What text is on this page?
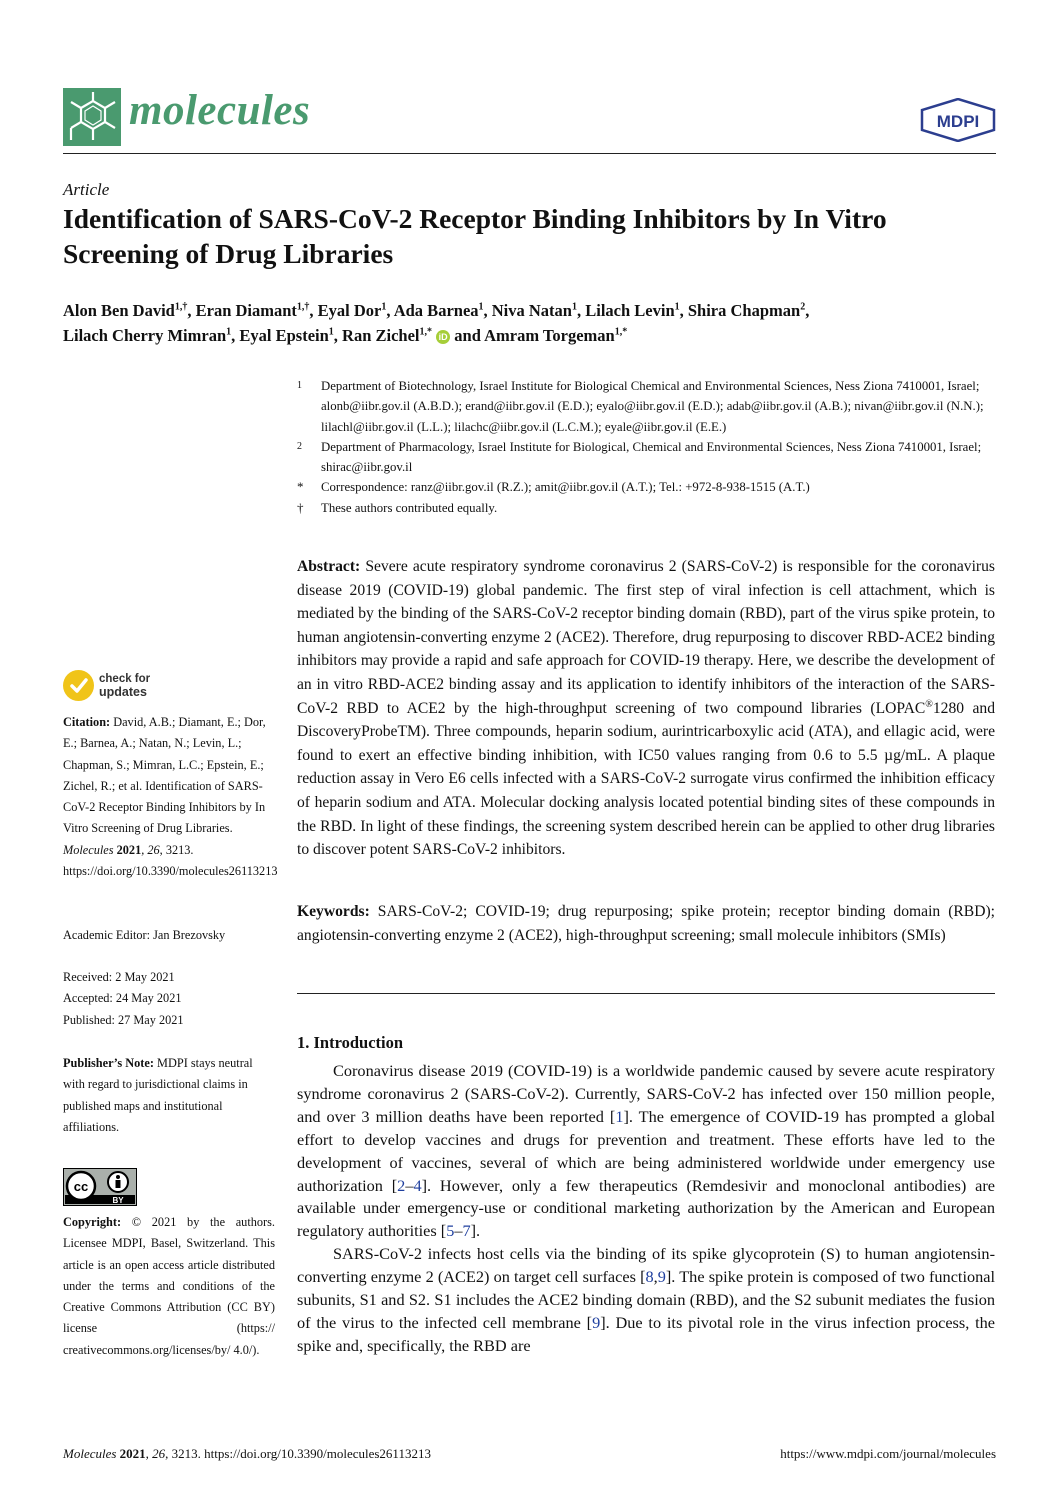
molecules	MDPI
Article
Identification of SARS-CoV-2 Receptor Binding Inhibitors by In Vitro Screening of Drug Libraries
Alon Ben David$^{1,\dagger}$, Eran Diamant$^{1,\dagger}$, Eyal Dor$^1$, Ada Barnea$^1$, Niva Natan$^1$, Lilach Levin$^1$, Shira Chapman$^2$,
Lilach Cherry Mimran$^1$, Eyal Epstein$^1$, Ran Zichel$^{1,*}$ iD and Amram Torgeman$^{1,*}$
1	Department of Biotechnology, Israel Institute for Biological Chemical and Environmental Sciences, Ness Ziona 7410001, Israel; alonb@iibr.gov.il (A.B.D.); erand@iibr.gov.il (E.D.); eyalo@iibr.gov.il (E.D.); adab@iibr.gov.il (A.B.); nivan@iibr.gov.il (N.N.); lilachl@iibr.gov.il (L.L.); lilachc@iibr.gov.il (L.C.M.); eyale@iibr.gov.il (E.E.)
2	Department of Pharmacology, Israel Institute for Biological, Chemical and Environmental Sciences, Ness Ziona 7410001, Israel; shirac@iibr.gov.il
*	Correspondence: ranz@iibr.gov.il (R.Z.); amit@iibr.gov.il (A.T.); Tel.: +972-8-938-1515 (A.T.)
†	These authors contributed equally.
Abstract: Severe acute respiratory syndrome coronavirus 2 (SARS-CoV-2) is responsible for the coronavirus disease 2019 (COVID-19) global pandemic. The first step of viral infection is cell attachment, which is mediated by the binding of the SARS-CoV-2 receptor binding domain (RBD), part of the virus spike protein, to human angiotensin-converting enzyme 2 (ACE2). Therefore, drug repurposing to discover RBD-ACE2 binding inhibitors may provide a rapid and safe approach for COVID-19 therapy. Here, we describe the development of an in vitro RBD-ACE2 binding assay and its application to identify inhibitors of the interaction of the SARS-CoV-2 RBD to ACE2 by the high-throughput screening of two compound libraries (LOPAC®1280 and DiscoveryProbeTM). Three compounds, heparin sodium, aurintricarboxylic acid (ATA), and ellagic acid, were found to exert an effective binding inhibition, with IC50 values ranging from 0.6 to 5.5 µg/mL. A plaque reduction assay in Vero E6 cells infected with a SARS-CoV-2 surrogate virus confirmed the inhibition efficacy of heparin sodium and ATA. Molecular docking analysis located potential binding sites of these compounds in the RBD. In light of these findings, the screening system described herein can be applied to other drug libraries to discover potent SARS-CoV-2 inhibitors.
Keywords: SARS-CoV-2; COVID-19; drug repurposing; spike protein; receptor binding domain (RBD); angiotensin-converting enzyme 2 (ACE2), high-throughput screening; small molecule inhibitors (SMIs)
1. Introduction

Coronavirus disease 2019 (COVID-19) is a worldwide pandemic caused by severe acute respiratory syndrome coronavirus 2 (SARS-CoV-2). Currently, SARS-CoV-2 has infected over 150 million people, and over 3 million deaths have been reported [1]. The emergence of COVID-19 has prompted a global effort to develop vaccines and drugs for prevention and treatment. These efforts have led to the development of vaccines, several of which are being administered worldwide under emergency use authorization [2–4]. However, only a few therapeutics (Remdesivir and monoclonal antibodies) are available under emergency-use or conditional marketing authorization by the American and European regulatory authorities [5–7].

SARS-CoV-2 infects host cells via the binding of its spike glycoprotein (S) to human angiotensin-converting enzyme 2 (ACE2) on target cell surfaces [8,9]. The spike protein is composed of two functional subunits, S1 and S2. S1 includes the ACE2 binding domain (RBD), and the S2 subunit mediates the fusion of the virus to the infected cell membrane [9]. Due to its pivotal role in the virus infection process, the spike and, specifically, the RBD are

check for
updates
Citation: David, A.B.; Diamant, E.; Dor, E.; Barnea, A.; Natan, N.; Levin, L.; Chapman, S.; Mimran, L.C.; Epstein, E.; Zichel, R.; et al. Identification of SARS-CoV-2 Receptor Binding Inhibitors by In Vitro Screening of Drug Libraries. Molecules 2021, 26, 3213. https://doi.org/10.3390/molecules26113213
Academic Editor: Jan Brezovsky
Received: 2 May 2021
Accepted: 24 May 2021
Published: 27 May 2021
Publisher’s Note: MDPI stays neutral with regard to jurisdictional claims in published maps and institutional affiliations.
cc
BY
Copyright: © 2021 by the authors. Licensee MDPI, Basel, Switzerland. This article is an open access article distributed under the terms and conditions of the Creative Commons Attribution (CC BY) license (https:// creativecommons.org/licenses/by/ 4.0/).
Molecules 2021, 26, 3213. https://doi.org/10.3390/molecules26113213	https://www.mdpi.com/journal/molecules
